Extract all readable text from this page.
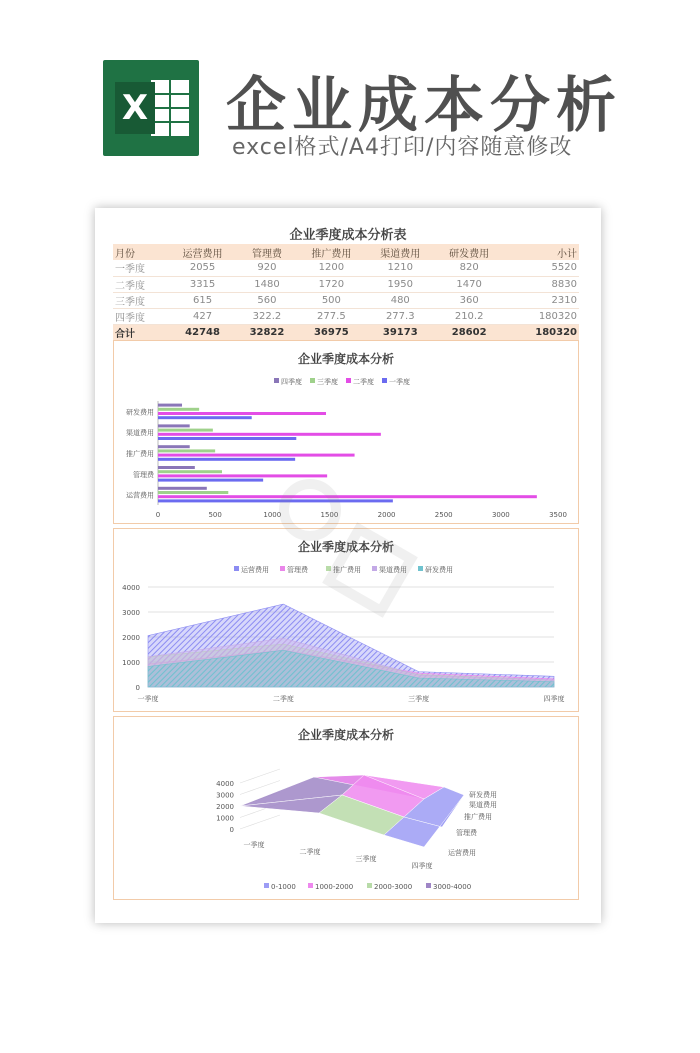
X 企业成本分析
excel格式/A4打印/内容随意修改
企业季度成本分析表
月份	运营费用	管理费	推广费用	渠道费用	研发费用	小计
一季度	2055	920	1200	1210	820	5520
二季度	3315	1480	1720	1950	1470	8830
三季度	615	560	500	480	360	2310
四季度	427	322.2	277.5	277.3	210.2	180320
合计	42748	32822	36975	39173	28602	180320
企业季度成本分析
四季度 三季度 二季度 一季度
0	500	1000	1500	2000	2500	3000	3500
运营费用
管理费
推广费用
渠道费用
研发费用
企业季度成本分析
运营费用	管理费	推广费用	渠道费用	研发费用
0
1000
2000
3000
4000
一季度	二季度	三季度	四季度
企业季度成本分析
0
1000
2000
3000
4000
一季度
二季度
三季度
四季度
研发费用
渠道费用
推广费用
管理费
运营费用
0-1000	1000-2000	2000-3000	3000-4000
